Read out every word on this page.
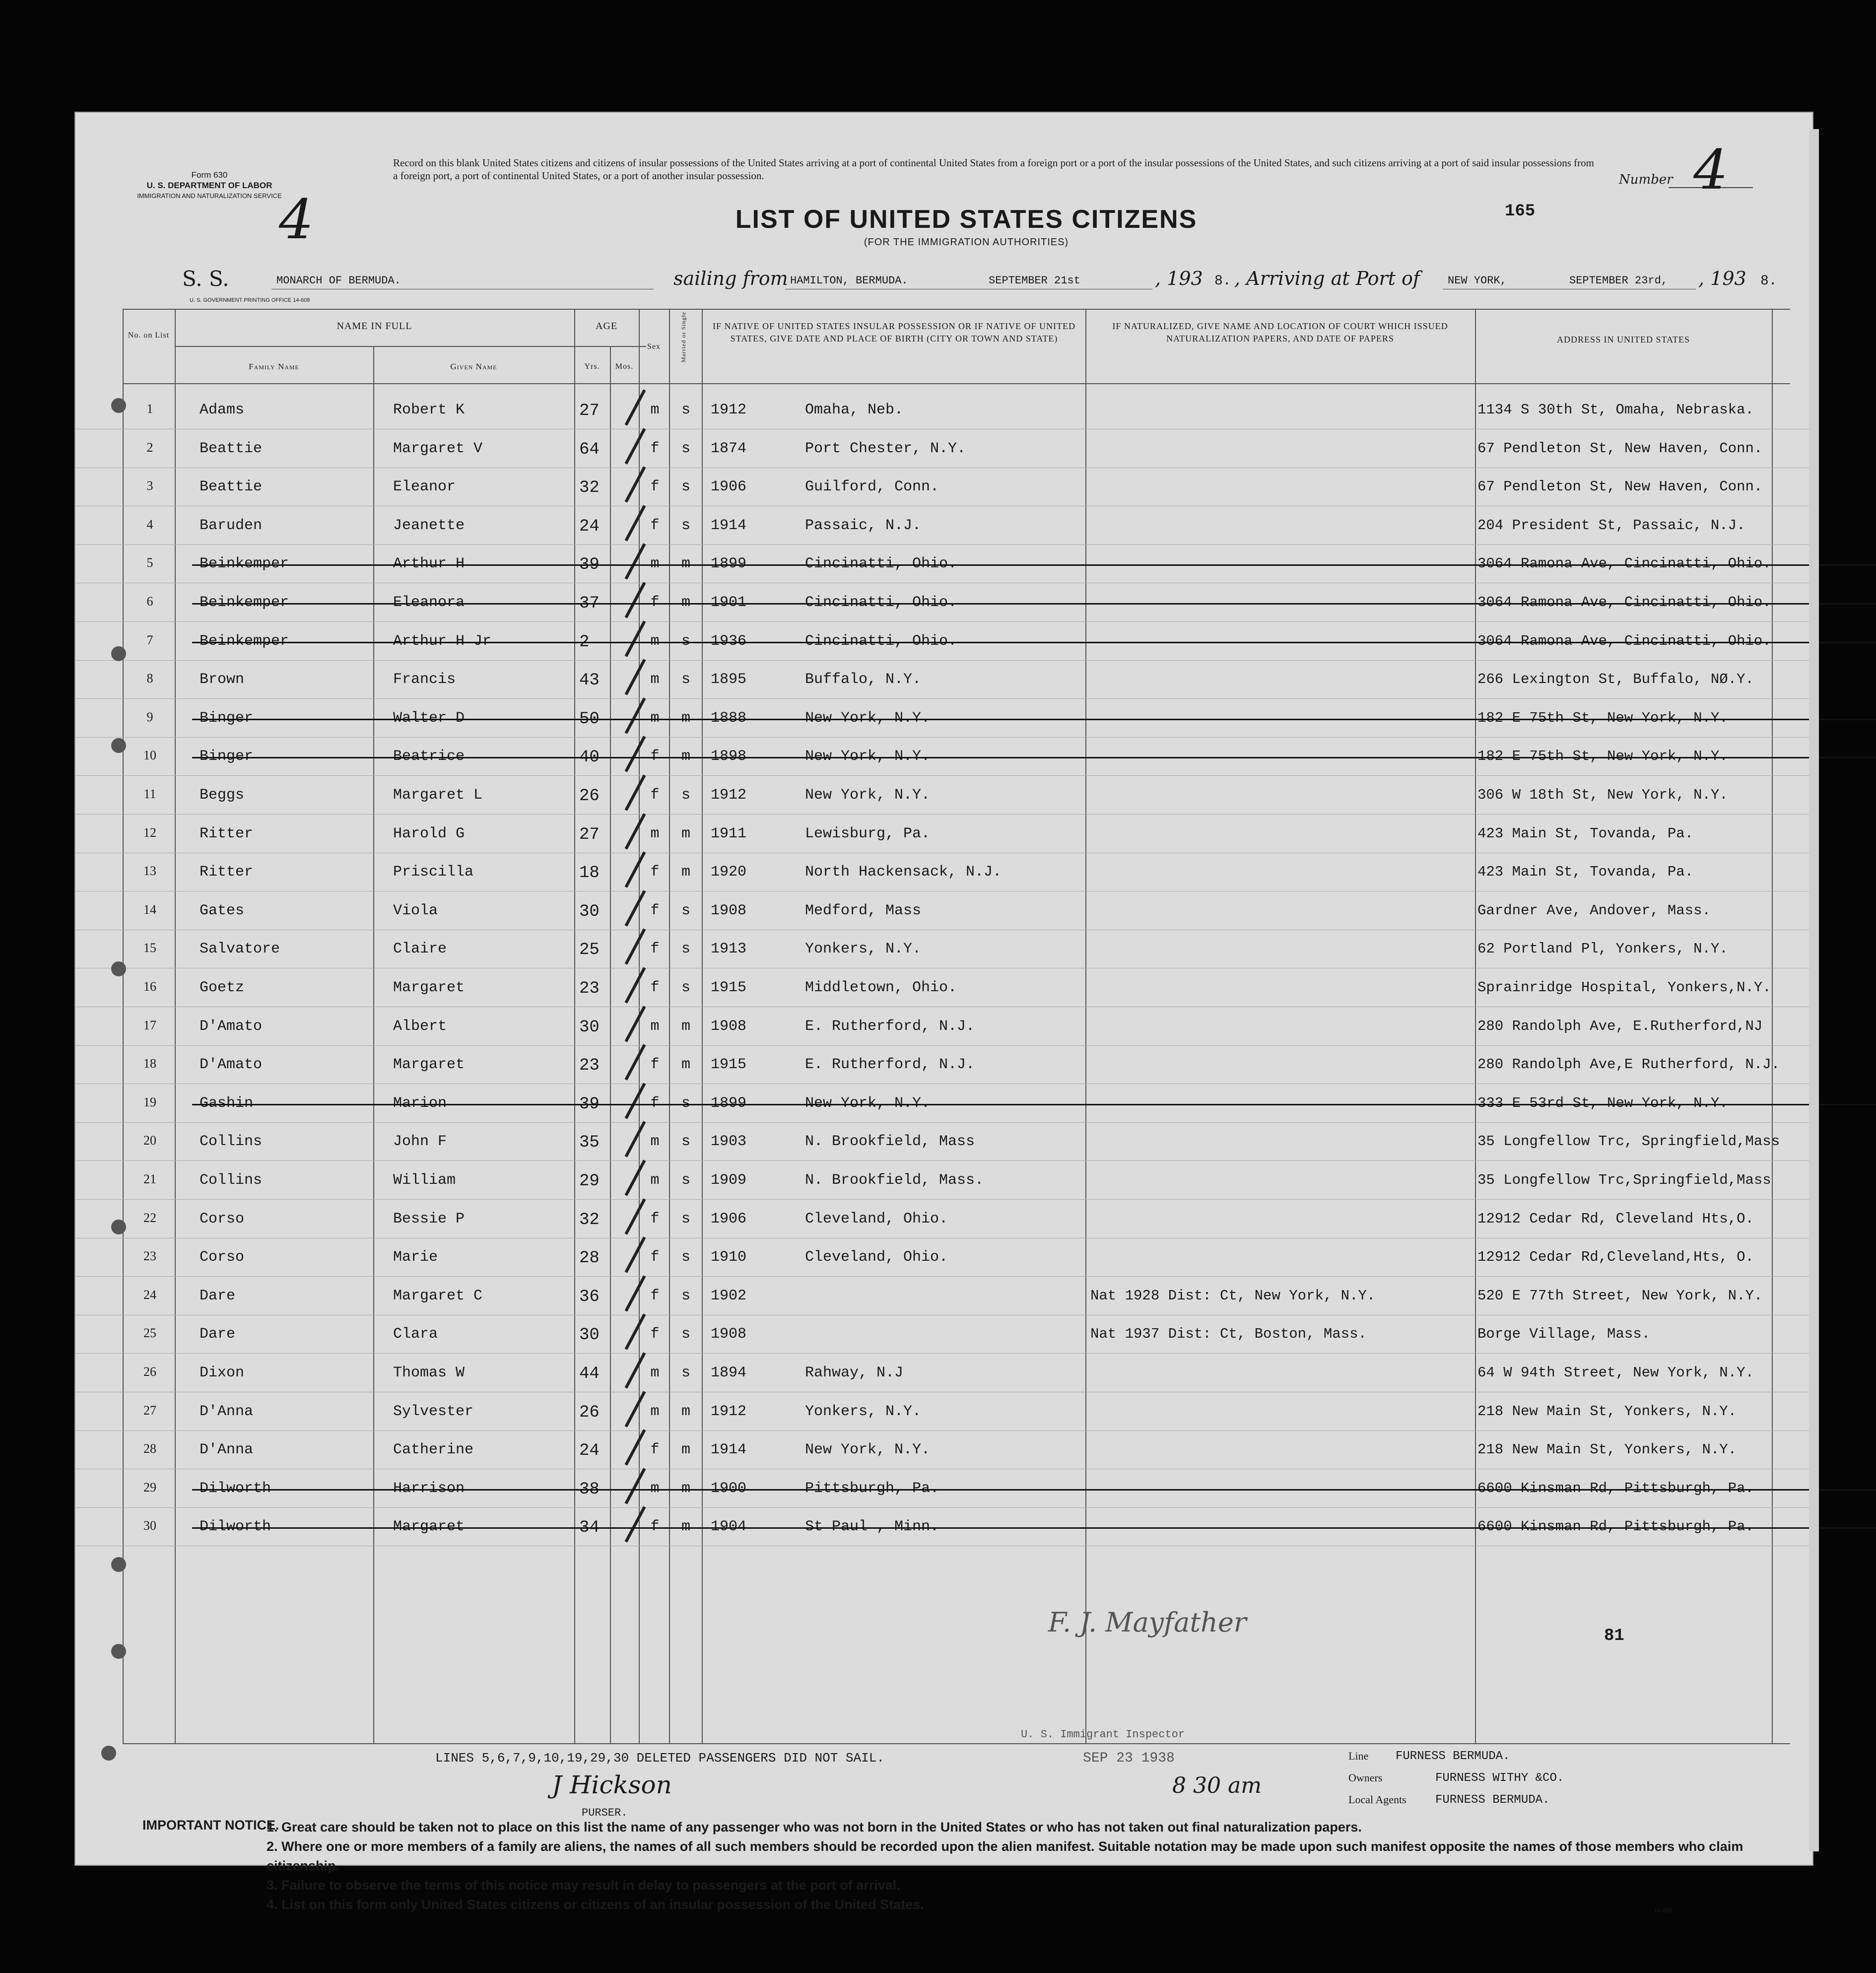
Form 630
U. S. DEPARTMENT OF LABOR
IMMIGRATION AND NATURALIZATION SERVICE
4
Record on this blank United States citizens and citizens of insular possessions of the United States arriving at a port of continental United States from a foreign port or a port of the insular possessions of the United States, and such citizens arriving at a port of said insular possessions from a foreign port, a port of continental United States, or a port of another insular possession.	Number 4
LIST OF UNITED STATES CITIZENS
(FOR THE IMMIGRATION AUTHORITIES)
165
S. S.	MONARCH OF BERMUDA.	sailing from HAMILTON, BERMUDA.	SEPTEMBER 21st	, 193 8. , Arriving at Port of	NEW YORK,	SEPTEMBER 23rd, , 193 8.
U. S. GOVERNMENT PRINTING OFFICE 14-608
No. on List
NAME IN FULL
Family Name	Given Name
AGE
Yrs.	Mos.
Sex	Married or Single	IF NATIVE OF UNITED STATES INSULAR POSSESSION OR IF NATIVE OF UNITED STATES, GIVE DATE AND PLACE OF BIRTH (CITY OR TOWN AND STATE)
IF NATURALIZED, GIVE NAME AND LOCATION OF COURT WHICH ISSUED NATURALIZATION PAPERS, AND DATE OF PAPERS	ADDRESS IN UNITED STATES
1	Adams	Robert K	27	m	s	1912	Omaha, Neb.	1134 S 30th St, Omaha, Nebraska.
2	Beattie	Margaret V	64	f	s	1874	Port Chester, N.Y.	67 Pendleton St, New Haven, Conn.
3	Beattie	Eleanor	32	f	s	1906	Guilford, Conn.	67 Pendleton St, New Haven, Conn.
4	Baruden	Jeanette	24	f	s	1914	Passaic, N.J.	204 President St, Passaic, N.J.
5	Beinkemper	Arthur H	39	m	m	1899	Cincinatti, Ohio.	3064 Ramona Ave, Cincinatti, Ohio.
6	Beinkemper	Eleanora	37	f	m	1901	Cincinatti, Ohio.	3064 Ramona Ave, Cincinatti, Ohio.
7	Beinkemper	Arthur H Jr	2	m	s	1936	Cincinatti, Ohio.	3064 Ramona Ave, Cincinatti, Ohio.
8	Brown	Francis	43	m	s	1895	Buffalo, N.Y.	266 Lexington St, Buffalo, NØ.Y.
9	Binger	Walter D	50	m	m	1888	New York, N.Y.	182 E 75th St, New York, N.Y.
10	Binger	Beatrice	40	f	m	1898	New York, N.Y.	182 E 75th St, New York, N.Y.
11	Beggs	Margaret L	26	f	s	1912	New York, N.Y.	306 W 18th St, New York, N.Y.
12	Ritter	Harold G	27	m	m	1911	Lewisburg, Pa.	423 Main St, Tovanda, Pa.
13	Ritter	Priscilla	18	f	m	1920	North Hackensack, N.J.	423 Main St, Tovanda, Pa.
14	Gates	Viola	30	f	s	1908	Medford, Mass	Gardner Ave, Andover, Mass.
15	Salvatore	Claire	25	f	s	1913	Yonkers, N.Y.	62 Portland Pl, Yonkers, N.Y.
16	Goetz	Margaret	23	f	s	1915	Middletown, Ohio.	Sprainridge Hospital, Yonkers,N.Y.
17	D'Amato	Albert	30	m	m	1908	E. Rutherford, N.J.	280 Randolph Ave, E.Rutherford,NJ
18	D'Amato	Margaret	23	f	m	1915	E. Rutherford, N.J.	280 Randolph Ave,E Rutherford, N.J.
19	Gashin	Marion	39	f	s	1899	New York, N.Y.	333 E 53rd St, New York, N.Y.
20	Collins	John F	35	m	s	1903	N. Brookfield, Mass	35 Longfellow Trc, Springfield,Mass
21	Collins	William	29	m	s	1909	N. Brookfield, Mass.	35 Longfellow Trc,Springfield,Mass
22	Corso	Bessie P	32	f	s	1906	Cleveland, Ohio.	12912 Cedar Rd, Cleveland Hts,O.
23	Corso	Marie	28	f	s	1910	Cleveland, Ohio.	12912 Cedar Rd,Cleveland,Hts, O.
24	Dare	Margaret C	36	f	s	1902	Nat 1928 Dist: Ct, New York, N.Y.	520 E 77th Street, New York, N.Y.
25	Dare	Clara	30	f	s	1908	Nat 1937 Dist: Ct, Boston, Mass.	Borge Village, Mass.
26	Dixon	Thomas W	44	m	s	1894	Rahway, N.J	64 W 94th Street, New York, N.Y.
27	D'Anna	Sylvester	26	m	m	1912	Yonkers, N.Y.	218 New Main St, Yonkers, N.Y.
28	D'Anna	Catherine	24	f	m	1914	New York, N.Y.	218 New Main St, Yonkers, N.Y.
29	Dilworth	Harrison	38	m	m	1900	Pittsburgh, Pa.	6600 Kinsman Rd, Pittsburgh, Pa.
30	Dilworth	Margaret	34	f	m	1904	St Paul , Minn.	6600 Kinsman Rd, Pittsburgh, Pa.
F. J. Mayfather	81
LINES 5,6,7,9,10,19,29,30 DELETED PASSENGERS DID NOT SAIL.
J Hickson
PURSER.
U. S. Immigrant Inspector
SEP 23 1938
8 30 am
Line FURNESS BERMUDA.
Owners	FURNESS WITHY &CO.
Local Agents FURNESS BERMUDA.
IMPORTANT NOTICE.
1. Great care should be taken not to place on this list the name of any passenger who was not born in the United States or who has not taken out final naturalization papers.
2. Where one or more members of a family are aliens, the names of all such members should be recorded upon the alien manifest. Suitable notation may be made upon such manifest opposite the names of those members who claim citizenship.
3. Failure to observe the terms of this notice may result in delay to passengers at the port of arrival.
4. List on this form only United States citizens or citizens of an insular possession of the United States.	14-608
